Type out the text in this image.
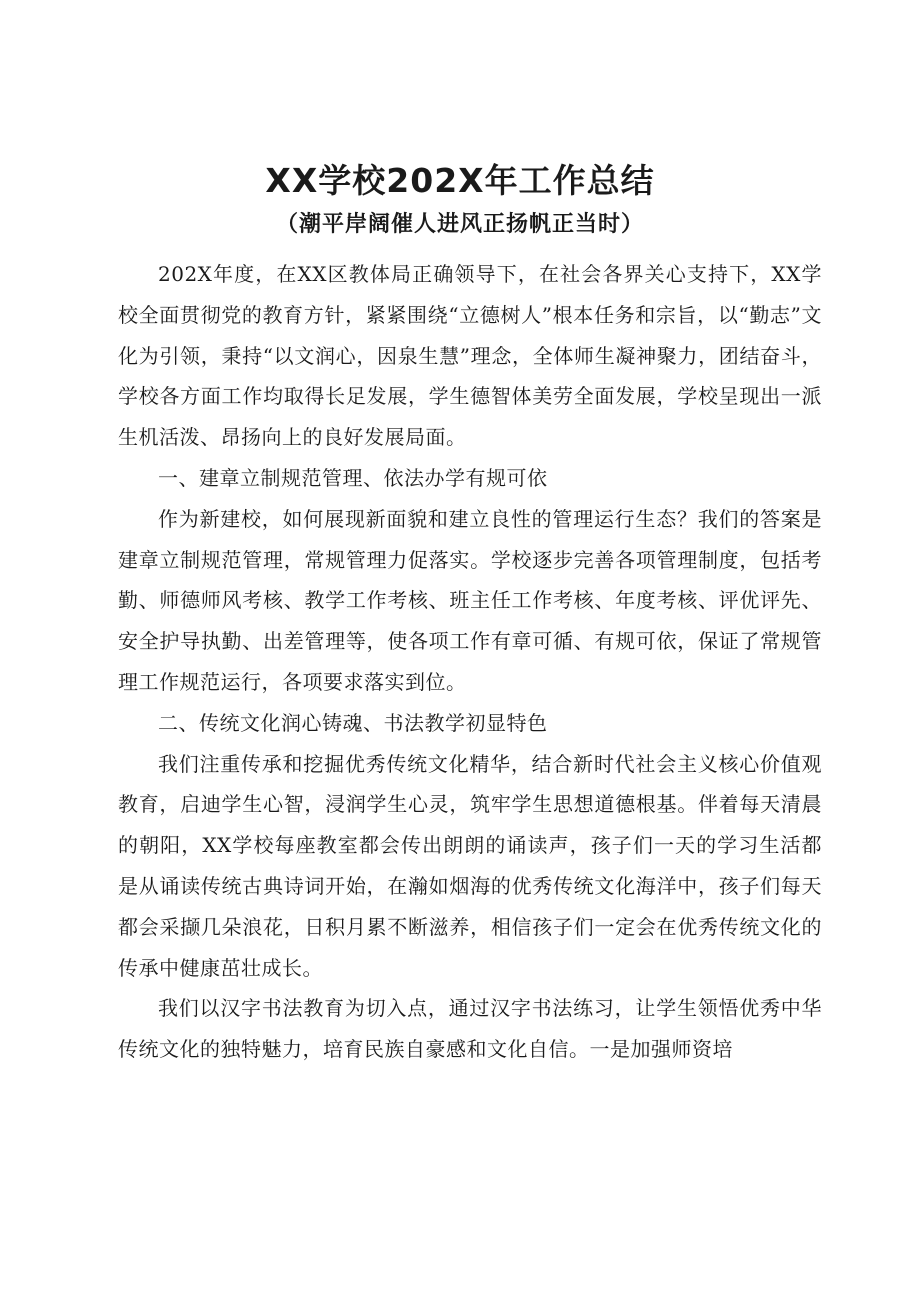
XX学校202X年工作总结
（潮平岸阔催人进风正扬帆正当时）

202X年度，在XX区教体局正确领导下，在社会各界关心支持下，XX学校全面贯彻党的教育方针，紧紧围绕“立德树人”根本任务和宗旨，以“勤志”文化为引领，秉持“以文润心，因泉生慧”理念，全体师生凝神聚力，团结奋斗，学校各方面工作均取得长足发展，学生德智体美劳全面发展，学校呈现出一派生机活泼、昂扬向上的良好发展局面。

一、建章立制规范管理、依法办学有规可依

作为新建校，如何展现新面貌和建立良性的管理运行生态？我们的答案是建章立制规范管理，常规管理力促落实。学校逐步完善各项管理制度，包括考勤、师德师风考核、教学工作考核、班主任工作考核、年度考核、评优评先、安全护导执勤、出差管理等，使各项工作有章可循、有规可依，保证了常规管理工作规范运行，各项要求落实到位。

二、传统文化润心铸魂、书法教学初显特色

我们注重传承和挖掘优秀传统文化精华，结合新时代社会主义核心价值观教育，启迪学生心智，浸润学生心灵，筑牢学生思想道德根基。伴着每天清晨的朝阳，XX学校每座教室都会传出朗朗的诵读声，孩子们一天的学习生活都是从诵读传统古典诗词开始，在瀚如烟海的优秀传统文化海洋中，孩子们每天都会采撷几朵浪花，日积月累不断滋养，相信孩子们一定会在优秀传统文化的传承中健康茁壮成长。

我们以汉字书法教育为切入点，通过汉字书法练习，让学生领悟优秀中华传统文化的独特魅力，培育民族自豪感和文化自信。一是加强师资培
